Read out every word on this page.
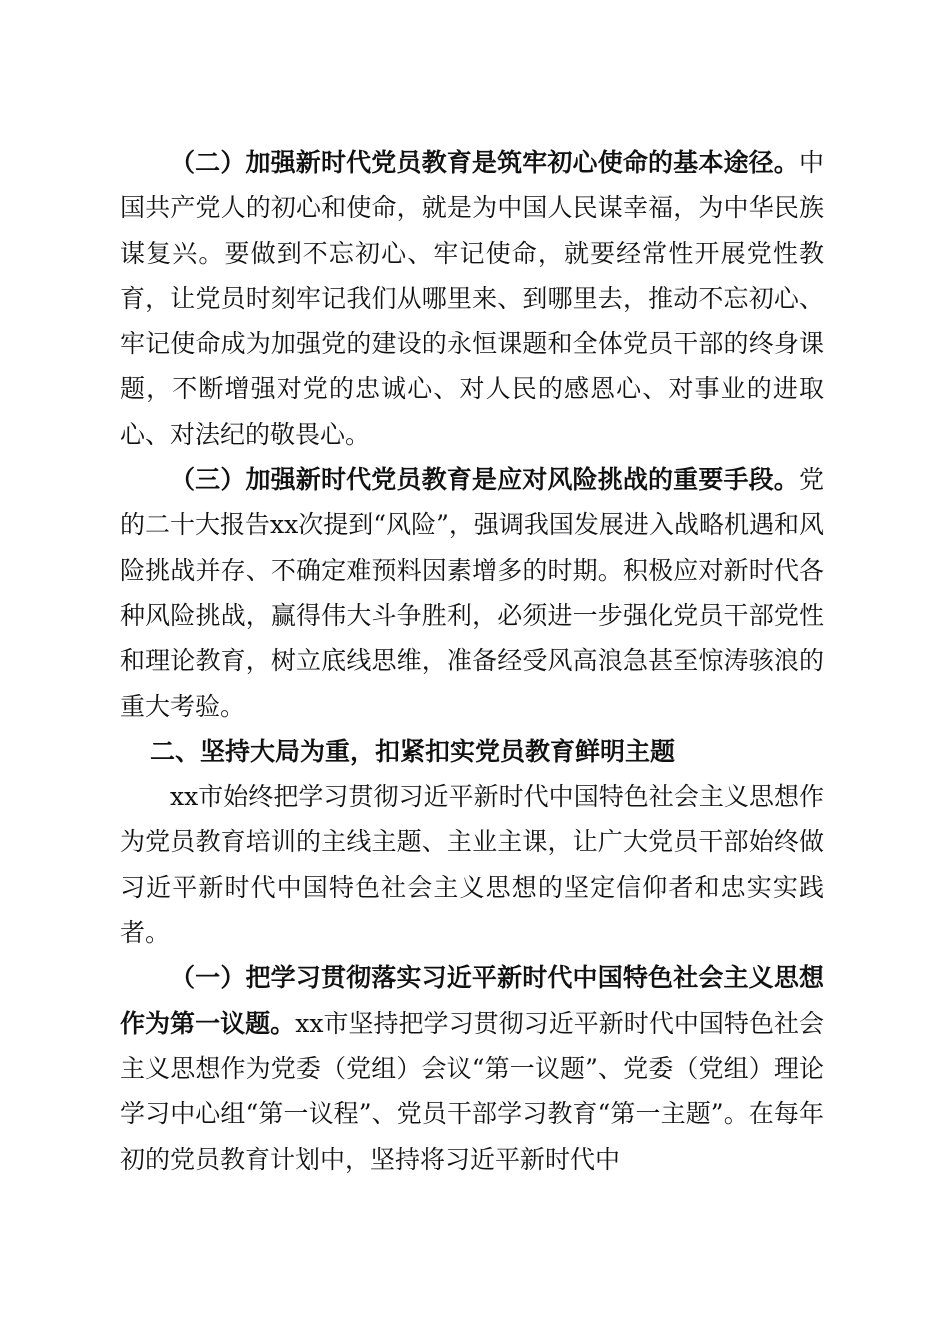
（二）加强新时代党员教育是筑牢初心使命的基本途径。中国共产党人的初心和使命，就是为中国人民谋幸福，为中华民族谋复兴。要做到不忘初心、牢记使命，就要经常性开展党性教育，让党员时刻牢记我们从哪里来、到哪里去，推动不忘初心、牢记使命成为加强党的建设的永恒课题和全体党员干部的终身课题，不断增强对党的忠诚心、对人民的感恩心、对事业的进取心、对法纪的敬畏心。

（三）加强新时代党员教育是应对风险挑战的重要手段。党的二十大报告xx次提到“风险”，强调我国发展进入战略机遇和风险挑战并存、不确定难预料因素增多的时期。积极应对新时代各种风险挑战，赢得伟大斗争胜利，必须进一步强化党员干部党性和理论教育，树立底线思维，准备经受风高浪急甚至惊涛骇浪的重大考验。

二、坚持大局为重，扣紧扣实党员教育鲜明主题

xx市始终把学习贯彻习近平新时代中国特色社会主义思想作为党员教育培训的主线主题、主业主课，让广大党员干部始终做习近平新时代中国特色社会主义思想的坚定信仰者和忠实实践者。

（一）把学习贯彻落实习近平新时代中国特色社会主义思想作为第一议题。xx市坚持把学习贯彻习近平新时代中国特色社会主义思想作为党委（党组）会议“第一议题”、党委（党组）理论学习中心组“第一议程”、党员干部学习教育“第一主题”。在每年初的党员教育计划中，坚持将习近平新时代中
